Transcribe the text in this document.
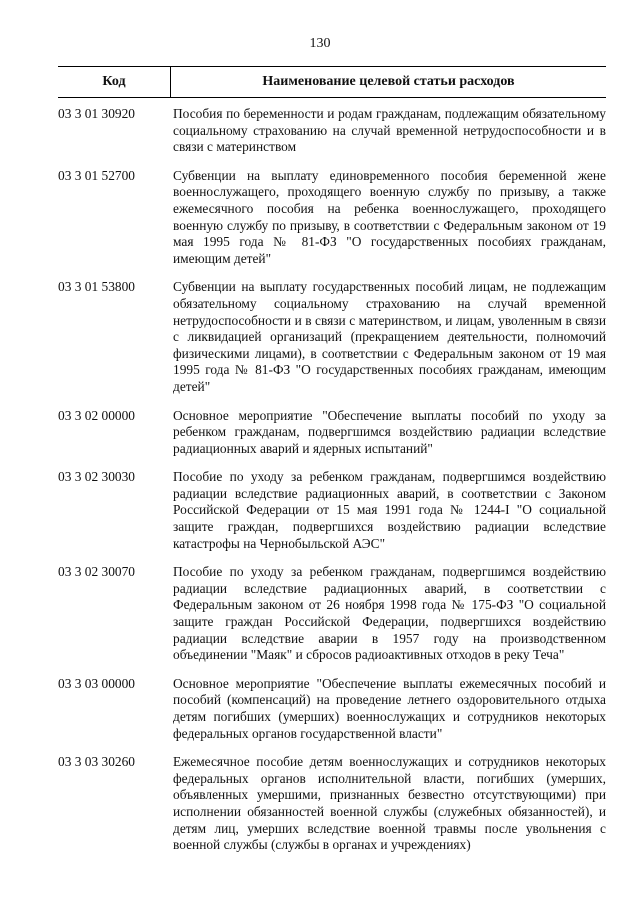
130
Код	Наименование целевой статьи расходов
03 3 01 30920	Пособия по беременности и родам гражданам, подлежащим обязательному социальному страхованию на случай временной нетрудоспособности и в связи с материнством
03 3 01 52700	Субвенции на выплату единовременного пособия беременной жене военнослужащего, проходящего военную службу по призыву, а также ежемесячного пособия на ребенка военнослужащего, проходящего военную службу по призыву, в соответствии с Федеральным законом от 19 мая 1995 года № 81-ФЗ "О государственных пособиях гражданам, имеющим детей"
03 3 01 53800	Субвенции на выплату государственных пособий лицам, не подлежащим обязательному социальному страхованию на случай временной нетрудоспособности и в связи с материнством, и лицам, уволенным в связи с ликвидацией организаций (прекращением деятельности, полномочий физическими лицами), в соответствии с Федеральным законом от 19 мая 1995 года № 81-ФЗ "О государственных пособиях гражданам, имеющим детей"
03 3 02 00000	Основное мероприятие "Обеспечение выплаты пособий по уходу за ребенком гражданам, подвергшимся воздействию радиации вследствие радиационных аварий и ядерных испытаний"
03 3 02 30030	Пособие по уходу за ребенком гражданам, подвергшимся воздействию радиации вследствие радиационных аварий, в соответствии с Законом Российской Федерации от 15 мая 1991 года № 1244-I "О социальной защите граждан, подвергшихся воздействию радиации вследствие катастрофы на Чернобыльской АЭС"
03 3 02 30070	Пособие по уходу за ребенком гражданам, подвергшимся воздействию радиации вследствие радиационных аварий, в соответствии с Федеральным законом от 26 ноября 1998 года № 175-ФЗ "О социальной защите граждан Российской Федерации, подвергшихся воздействию радиации вследствие аварии в 1957 году на производственном объединении "Маяк" и сбросов радиоактивных отходов в реку Теча"
03 3 03 00000	Основное мероприятие "Обеспечение выплаты ежемесячных пособий и пособий (компенсаций) на проведение летнего оздоровительного отдыха детям погибших (умерших) военнослужащих и сотрудников некоторых федеральных органов государственной власти"
03 3 03 30260	Ежемесячное пособие детям военнослужащих и сотрудников некоторых федеральных органов исполнительной власти, погибших (умерших, объявленных умершими, признанных безвестно отсутствующими) при исполнении обязанностей военной службы (служебных обязанностей), и детям лиц, умерших вследствие военной травмы после увольнения с военной службы (службы в органах и учреждениях)
